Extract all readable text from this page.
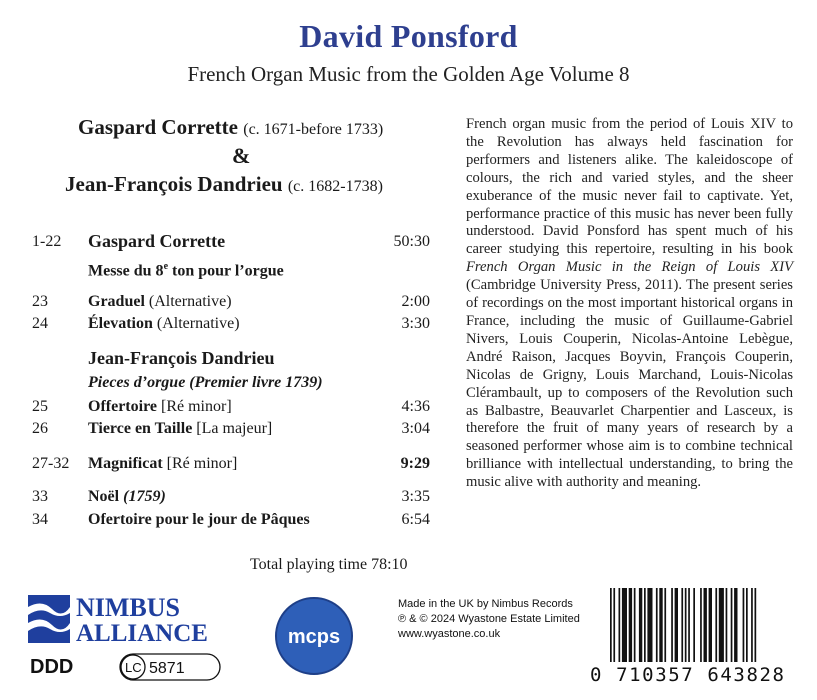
David Ponsford
French Organ Music from the Golden Age Volume 8
Gaspard Corrette (c. 1671-before 1733)
&
Jean-François Dandrieu (c. 1682-1738)
1-22 Gaspard Corrette	50:30
Messe du 8e ton pour l’orgue
23	Graduel (Alternative)	2:00
24	Élevation (Alternative)	3:30
Jean-François Dandrieu
Pieces d’orgue (Premier livre 1739)
25	Offertoire [Ré minor]	4:36
26	Tierce en Taille [La majeur]	3:04
27-32 Magnificat [Ré minor]	9:29
33	Noël (1759)	3:35
34	Ofertoire pour le jour de Pâques	6:54
Total playing time 78:10
French organ music from the period of Louis XIV to the Revolution has always held fascination for performers and listeners alike. The kaleidoscope of colours, the rich and varied styles, and the sheer exuberance of the music never fail to captivate. Yet, performance practice of this music has never been fully understood. David Ponsford has spent much of his career studying this repertoire, resulting in his book French Organ Music in the Reign of Louis XIV (Cambridge University Press, 2011). The present series of recordings on the most important historical organs in France, including the music of Guillaume-Gabriel Nivers, Louis Couperin, Nicolas-Antoine Lebègue, André Raison, Jacques Boyvin, François Couperin, Nicolas de Grigny, Louis Marchand, Louis-Nicolas Clérambault, up to composers of the Revolution such as Balbastre, Beauvarlet Charpentier and Lasceux, is therefore the fruit of many years of research by a seasoned performer whose aim is to combine technical brilliance with intellectual understanding, to bring the music alive with authority and meaning.
NIMBUS
ALLIANCE
DDD	LC 5871
mcps
Made in the UK by Nimbus Records
℗ & © 2024 Wyastone Estate Limited
www.wyastone.co.uk
0 710357 643828
